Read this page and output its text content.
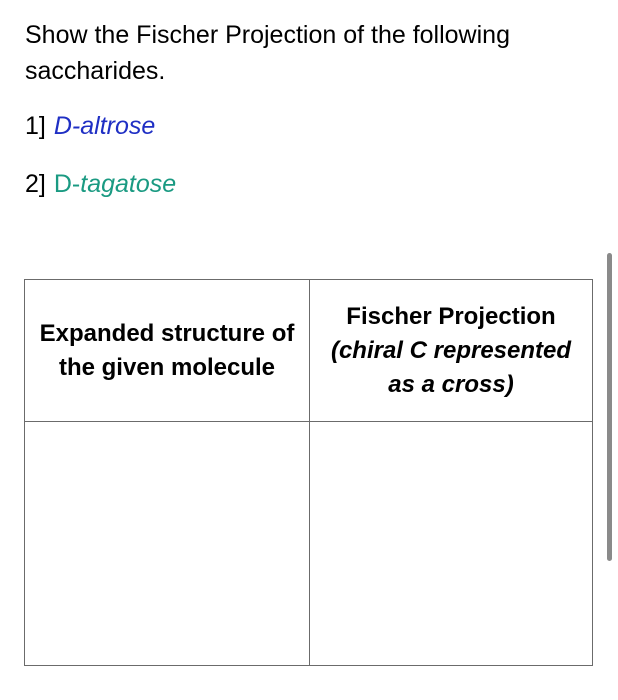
Show the Fischer Projection of the following saccharides.
1] D-altrose
2] D-tagatose
Expanded structure of the given molecule
Fischer Projection (chiral C represented as a cross)
